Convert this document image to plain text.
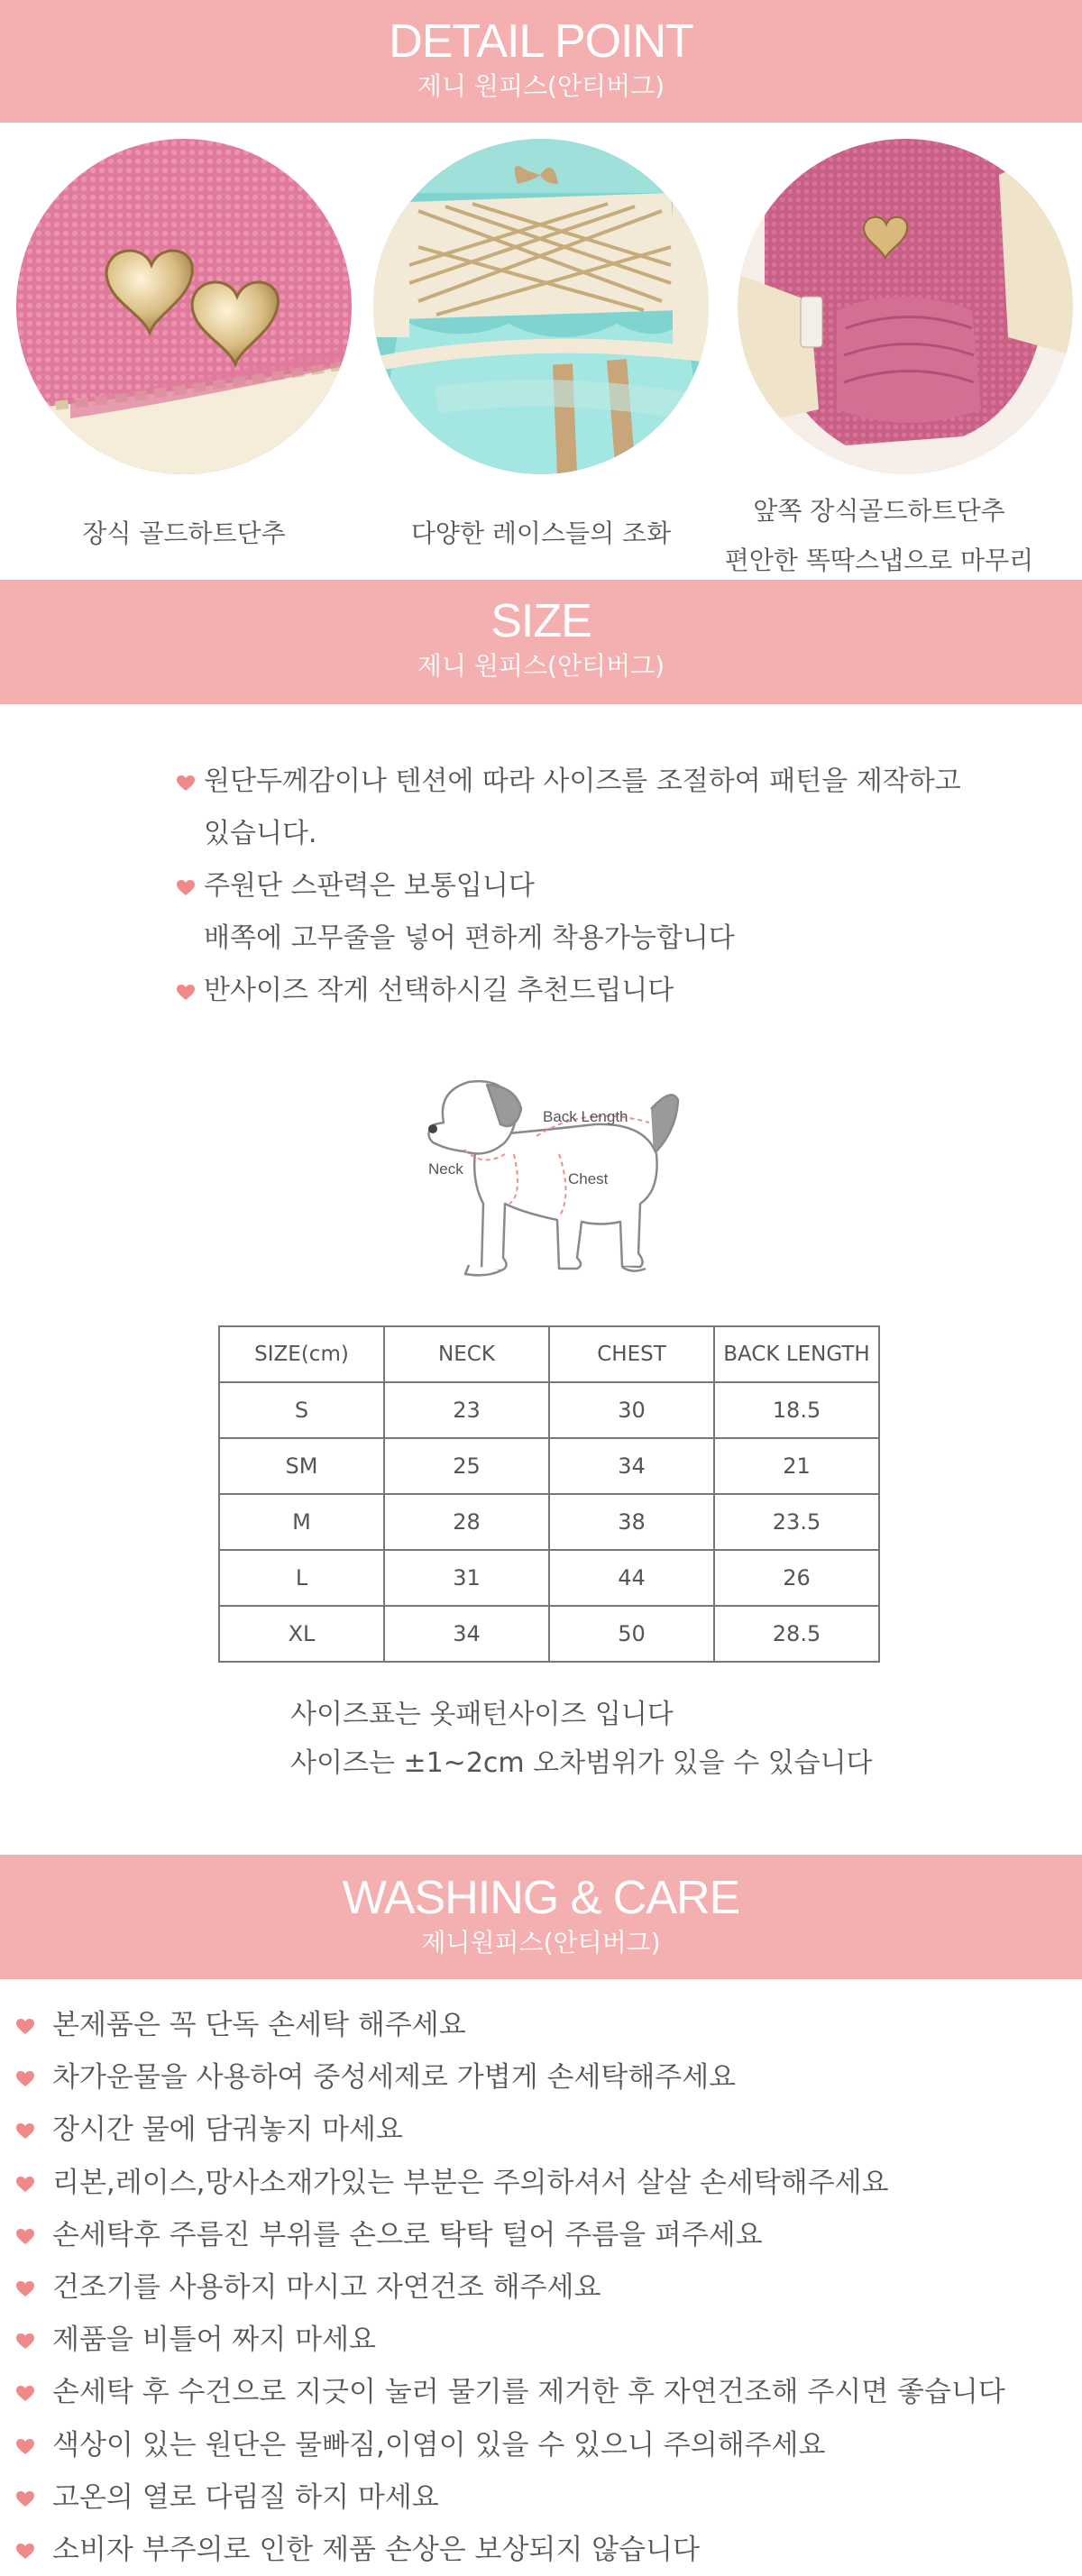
DETAIL POINT
제니 원피스(안티버그)
장식 골드하트단추	다양한 레이스들의 조화
앞쪽 장식골드하트단추
편안한 똑딱스냅으로 마무리
SIZE
제니 원피스(안티버그)
원단두께감이나 텐션에 따라 사이즈를 조절하여 패턴을 제작하고
있습니다.
주원단 스판력은 보통입니다
배쪽에 고무줄을 넣어 편하게 착용가능합니다
반사이즈 작게 선택하시길 추천드립니다
Back Length
Neck
Chest
SIZE(cm)	NECK	CHEST	BACK LENGTH
S	23	30	18.5
SM	25	34	21
M	28	38	23.5
L	31	44	26
XL	34	50	28.5
사이즈표는 옷패턴사이즈 입니다
사이즈는 ±1~2cm 오차범위가 있을 수 있습니다
WASHING & CARE
제니원피스(안티버그)
본제품은 꼭 단독 손세탁 해주세요
차가운물을 사용하여 중성세제로 가볍게 손세탁해주세요
장시간 물에 담궈놓지 마세요
리본,레이스,망사소재가있는 부분은 주의하셔서 살살 손세탁해주세요
손세탁후 주름진 부위를 손으로 탁탁 털어 주름을 펴주세요
건조기를 사용하지 마시고 자연건조 해주세요
제품을 비틀어 짜지 마세요
손세탁 후 수건으로 지긋이 눌러 물기를 제거한 후 자연건조해 주시면 좋습니다
색상이 있는 원단은 물빠짐,이염이 있을 수 있으니 주의해주세요
고온의 열로 다림질 하지 마세요
소비자 부주의로 인한 제품 손상은 보상되지 않습니다
